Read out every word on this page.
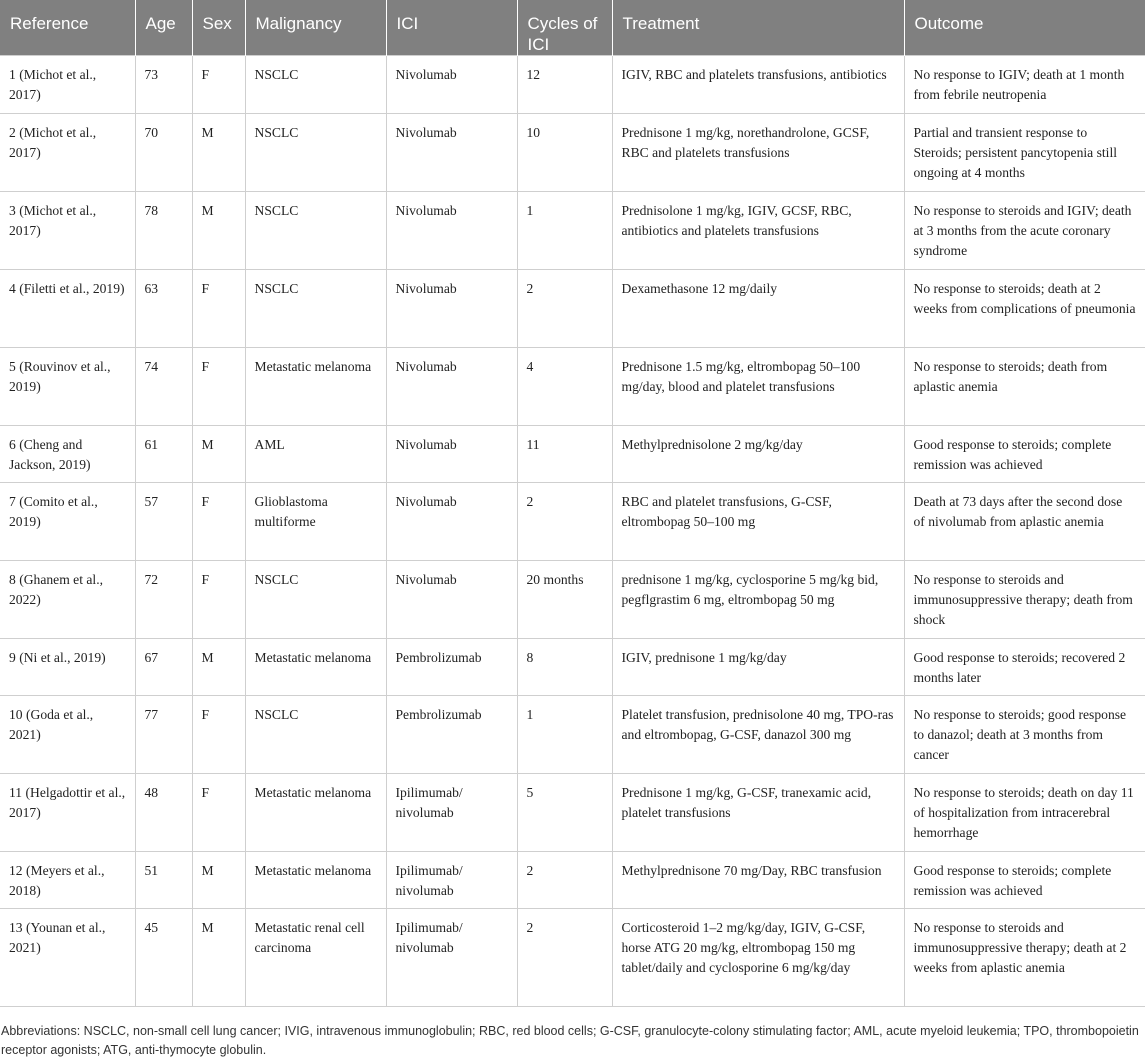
Reference	Age	Sex	Malignancy	ICI	Cycles of ICI	Treatment	Outcome
1 (Michot et al., 2017)	73	F	NSCLC	Nivolumab	12	IGIV, RBC and platelets transfusions, antibiotics	No response to IGIV; death at 1 month from febrile neutropenia
2 (Michot et al., 2017)	70	M	NSCLC	Nivolumab	10	Prednisone 1 mg/kg, norethandrolone, GCSF, RBC and platelets transfusions	Partial and transient response to Steroids; persistent pancytopenia still ongoing at 4 months
3 (Michot et al., 2017)	78	M	NSCLC	Nivolumab	1	Prednisolone 1 mg/kg, IGIV, GCSF, RBC, antibiotics and platelets transfusions	No response to steroids and IGIV; death at 3 months from the acute coronary syndrome
4 (Filetti et al., 2019)	63	F	NSCLC	Nivolumab	2	Dexamethasone 12 mg/daily	No response to steroids; death at 2 weeks from complications of pneumonia
5 (Rouvinov et al., 2019)	74	F	Metastatic melanoma	Nivolumab	4	Prednisone 1.5 mg/kg, eltrombopag 50–100 mg/day, blood and platelet transfusions	No response to steroids; death from aplastic anemia
6 (Cheng and Jackson, 2019)	61	M	AML	Nivolumab	11	Methylprednisolone 2 mg/kg/day	Good response to steroids; complete remission was achieved
7 (Comito et al., 2019)	57	F	Glioblastoma multiforme	Nivolumab	2	RBC and platelet transfusions, G-CSF, eltrombopag 50–100 mg	Death at 73 days after the second dose of nivolumab from aplastic anemia
8 (Ghanem et al., 2022)	72	F	NSCLC	Nivolumab	20 months	prednisone 1 mg/kg, cyclosporine 5 mg/kg bid, pegflgrastim 6 mg, eltrombopag 50 mg	No response to steroids and immunosuppressive therapy; death from shock
9 (Ni et al., 2019)	67	M	Metastatic melanoma	Pembrolizumab	8	IGIV, prednisone 1 mg/kg/day	Good response to steroids; recovered 2 months later
10 (Goda et al., 2021)	77	F	NSCLC	Pembrolizumab	1	Platelet transfusion, prednisolone 40 mg, TPO-ras and eltrombopag, G-CSF, danazol 300 mg	No response to steroids; good response to danazol; death at 3 months from cancer
11 (Helgadottir et al., 2017)	48	F	Metastatic melanoma	Ipilimumab/ nivolumab	5	Prednisone 1 mg/kg, G-CSF, tranexamic acid, platelet transfusions	No response to steroids; death on day 11 of hospitalization from intracerebral hemorrhage
12 (Meyers et al., 2018)	51	M	Metastatic melanoma	Ipilimumab/ nivolumab	2	Methylprednisone 70 mg/Day, RBC transfusion	Good response to steroids; complete remission was achieved
13 (Younan et al., 2021)	45	M	Metastatic renal cell carcinoma	Ipilimumab/ nivolumab	2	Corticosteroid 1–2 mg/kg/day, IGIV, G-CSF, horse ATG 20 mg/kg, eltrombopag 150 mg tablet/daily and cyclosporine 6 mg/kg/day	No response to steroids and immunosuppressive therapy; death at 2 weeks from aplastic anemia
Abbreviations: NSCLC, non-small cell lung cancer; IVIG, intravenous immunoglobulin; RBC, red blood cells; G-CSF, granulocyte-colony stimulating factor; AML, acute myeloid leukemia; TPO, thrombopoietin receptor agonists; ATG, anti-thymocyte globulin.
